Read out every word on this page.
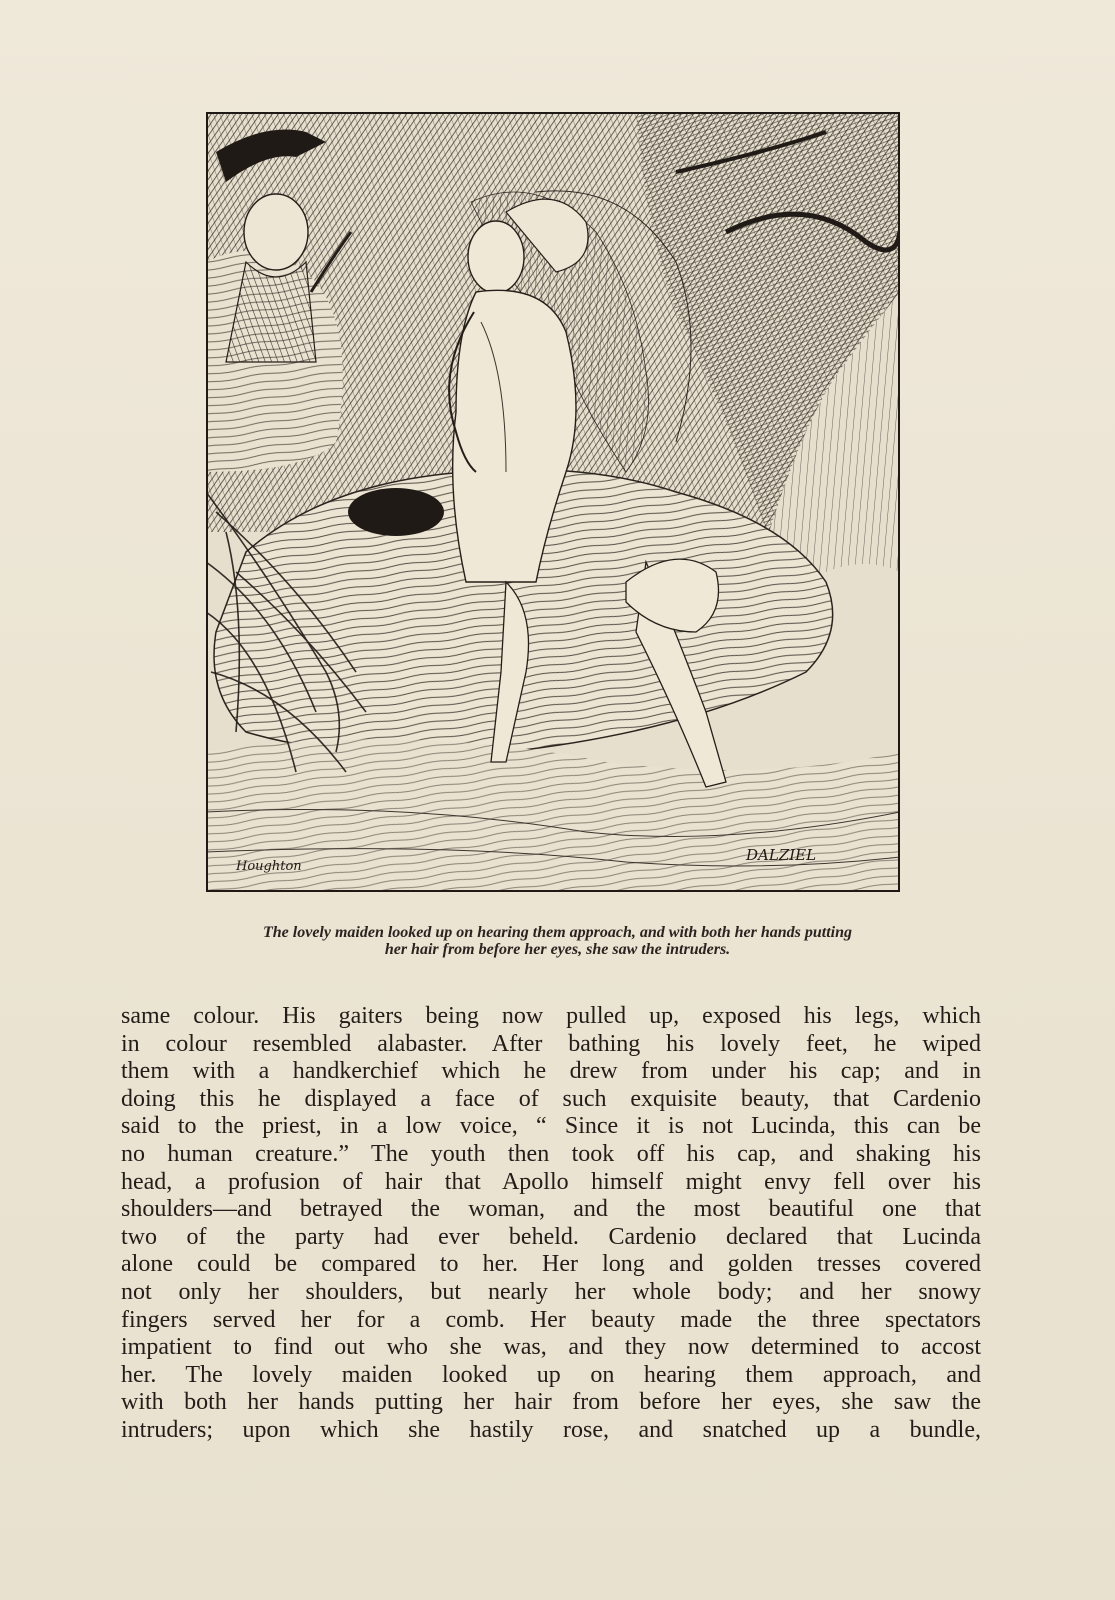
Houghton
DALZIEL
The lovely maiden looked up on hearing them approach, and with both her hands putting
her hair from before her eyes, she saw the intruders.
same colour. His gaiters being now pulled up, exposed his legs, which
in colour resembled alabaster. After bathing his lovely feet, he wiped
them with a handkerchief which he drew from under his cap; and in
doing this he displayed a face of such exquisite beauty, that Cardenio
said to the priest, in a low voice, “ Since it is not Lucinda, this can be
no human creature.” The youth then took off his cap, and shaking his
head, a profusion of hair that Apollo himself might envy fell over his
shoulders—and betrayed the woman, and the most beautiful one that
two of the party had ever beheld. Cardenio declared that Lucinda
alone could be compared to her. Her long and golden tresses covered
not only her shoulders, but nearly her whole body; and her snowy
fingers served her for a comb. Her beauty made the three spectators
impatient to find out who she was, and they now determined to accost
her. The lovely maiden looked up on hearing them approach, and
with both her hands putting her hair from before her eyes, she saw the
intruders; upon which she hastily rose, and snatched up a bundle,
